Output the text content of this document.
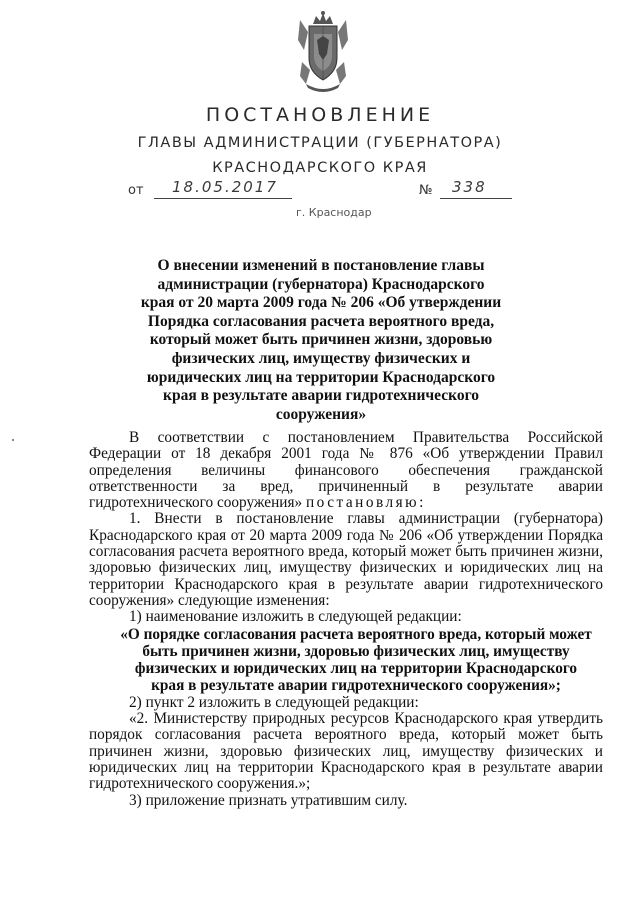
ПОСТАНОВЛЕНИЕ
ГЛАВЫ АДМИНИСТРАЦИИ (ГУБЕРНАТОРА)
КРАСНОДАРСКОГО КРАЯ
от 18.05.2017	№ 338
г. Краснодар
О внесении изменений в постановление главы администрации (губернатора) Краснодарского края от 20 марта 2009 года № 206 «Об утверждении Порядка согласования расчета вероятного вреда, который может быть причинен жизни, здоровью физических лиц, имуществу физических и юридических лиц на территории Краснодарского края в результате аварии гидротехнического сооружения»
В соответствии с постановлением Правительства Российской Федерации от 18 декабря 2001 года № 876 «Об утверждении Правил определения величины финансового обеспечения гражданской ответственности за вред, причиненный в результате аварии гидротехнического сооружения» постановляю:
1. Внести в постановление главы администрации (губернатора) Краснодарского края от 20 марта 2009 года № 206 «Об утверждении Порядка согласования расчета вероятного вреда, который может быть причинен жизни, здоровью физических лиц, имуществу физических и юридических лиц на территории Краснодарского края в результате аварии гидротехнического сооружения» следующие изменения:
1) наименование изложить в следующей редакции:
«О порядке согласования расчета вероятного вреда, который может быть причинен жизни, здоровью физических лиц, имуществу физических и юридических лиц на территории Краснодарского края в результате аварии гидротехнического сооружения»;
2) пункт 2 изложить в следующей редакции:
«2. Министерству природных ресурсов Краснодарского края утвердить порядок согласования расчета вероятного вреда, который может быть причинен жизни, здоровью физических лиц, имуществу физических и юридических лиц на территории Краснодарского края в результате аварии гидротехнического сооружения.»;
3) приложение признать утратившим силу.
